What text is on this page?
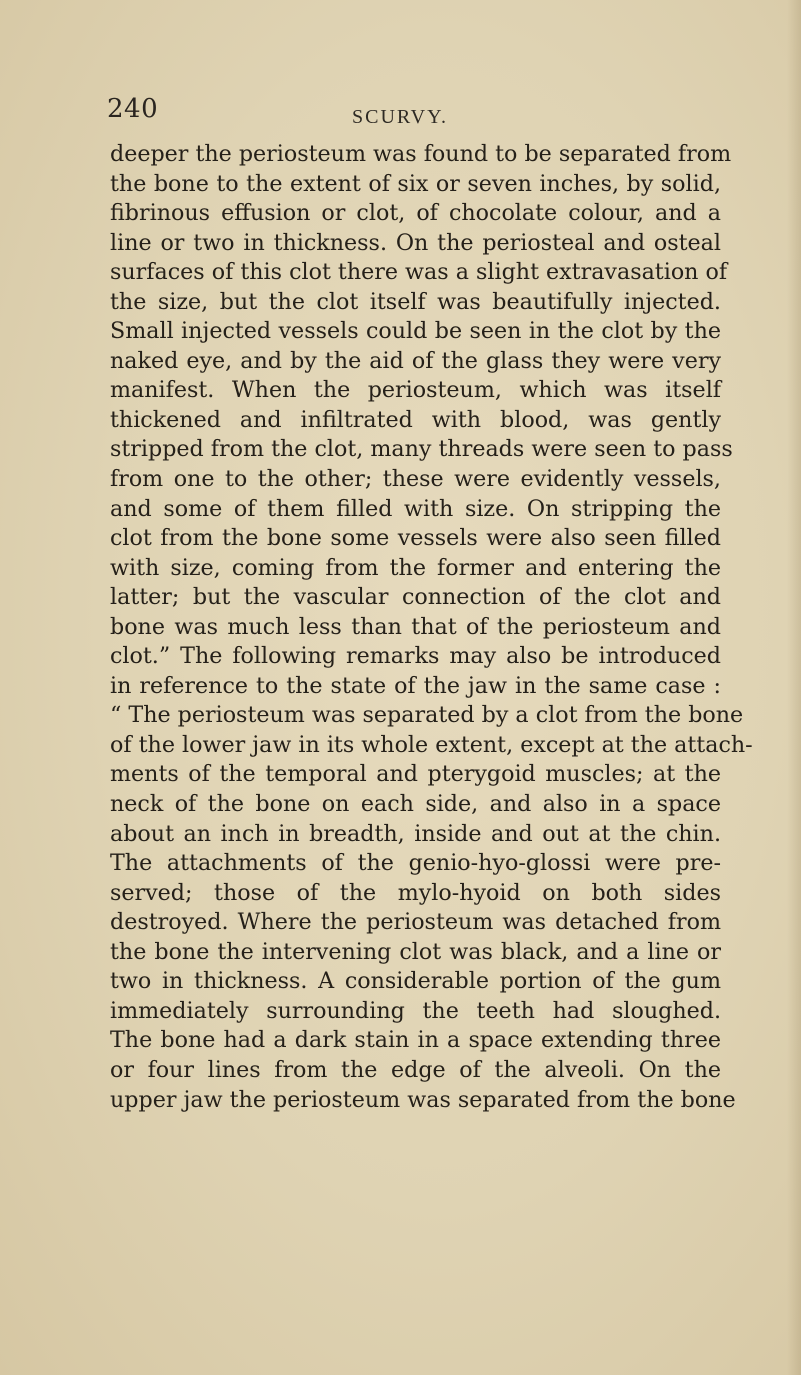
240	SCURVY.

deeper the periosteum was found to be separated from
the bone to the extent of six or seven inches, by solid,
fibrinous effusion or clot, of chocolate colour, and a
line or two in thickness. On the periosteal and osteal
surfaces of this clot there was a slight extravasation of
the size, but the clot itself was beautifully injected.
Small injected vessels could be seen in the clot by the
naked eye, and by the aid of the glass they were very
manifest. When the periosteum, which was itself
thickened and infiltrated with blood, was gently
stripped from the clot, many threads were seen to pass
from one to the other; these were evidently vessels,
and some of them filled with size. On stripping the
clot from the bone some vessels were also seen filled
with size, coming from the former and entering the
latter; but the vascular connection of the clot and
bone was much less than that of the periosteum and
clot.” The following remarks may also be introduced
in reference to the state of the jaw in the same case :
“ The periosteum was separated by a clot from the bone
of the lower jaw in its whole extent, except at the attach-
ments of the temporal and pterygoid muscles; at the
neck of the bone on each side, and also in a space
about an inch in breadth, inside and out at the chin.
The attachments of the genio-hyo-glossi were pre-
served; those of the mylo-hyoid on both sides
destroyed. Where the periosteum was detached from
the bone the intervening clot was black, and a line or
two in thickness. A considerable portion of the gum
immediately surrounding the teeth had sloughed.
The bone had a dark stain in a space extending three
or four lines from the edge of the alveoli. On the
upper jaw the periosteum was separated from the bone
